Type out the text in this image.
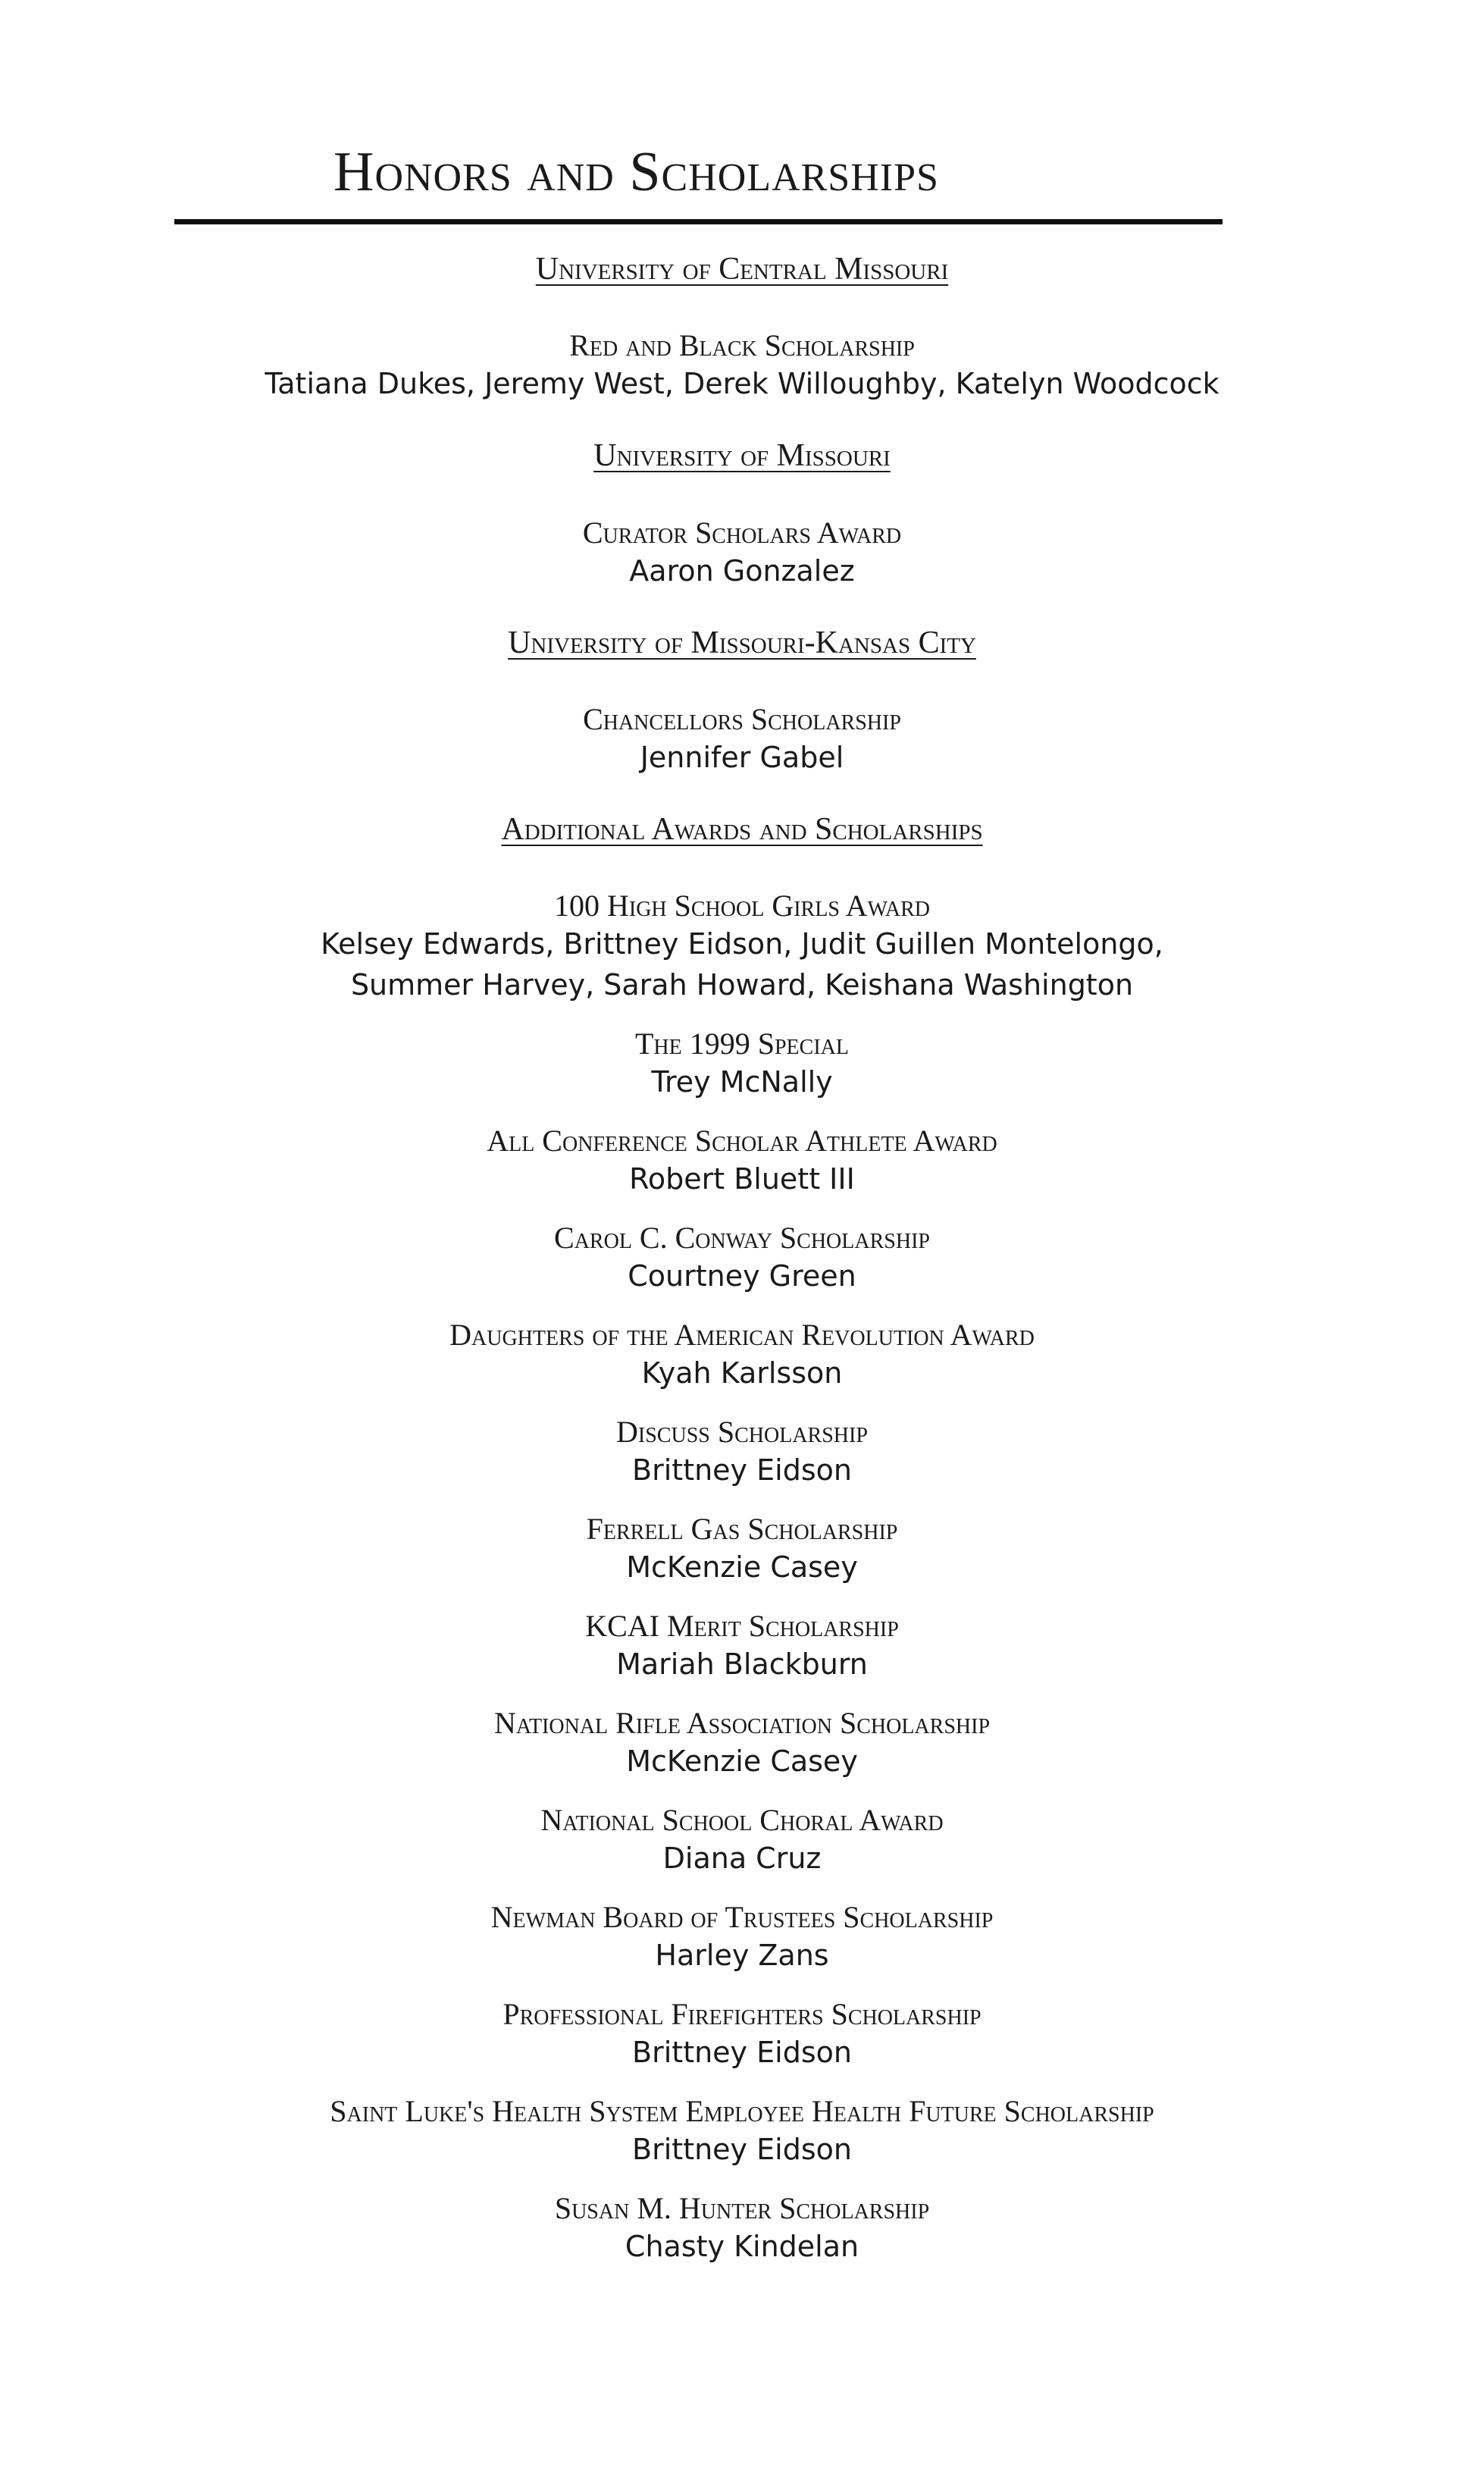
Honors and Scholarships
University of Central Missouri
Red and Black Scholarship
Tatiana Dukes, Jeremy West, Derek Willoughby, Katelyn Woodcock
University of Missouri
Curator Scholars Award
Aaron Gonzalez
University of Missouri-Kansas City
Chancellors Scholarship
Jennifer Gabel
Additional Awards and Scholarships
100 High School Girls Award
Kelsey Edwards, Brittney Eidson, Judit Guillen Montelongo,
Summer Harvey, Sarah Howard, Keishana Washington
The 1999 Special
Trey McNally
All Conference Scholar Athlete Award
Robert Bluett III
Carol C. Conway Scholarship
Courtney Green
Daughters of the American Revolution Award
Kyah Karlsson
Discuss Scholarship
Brittney Eidson
Ferrell Gas Scholarship
McKenzie Casey
KCAI Merit Scholarship
Mariah Blackburn
National Rifle Association Scholarship
McKenzie Casey
National School Choral Award
Diana Cruz
Newman Board of Trustees Scholarship
Harley Zans
Professional Firefighters Scholarship
Brittney Eidson
Saint Luke's Health System Employee Health Future Scholarship
Brittney Eidson
Susan M. Hunter Scholarship
Chasty Kindelan
